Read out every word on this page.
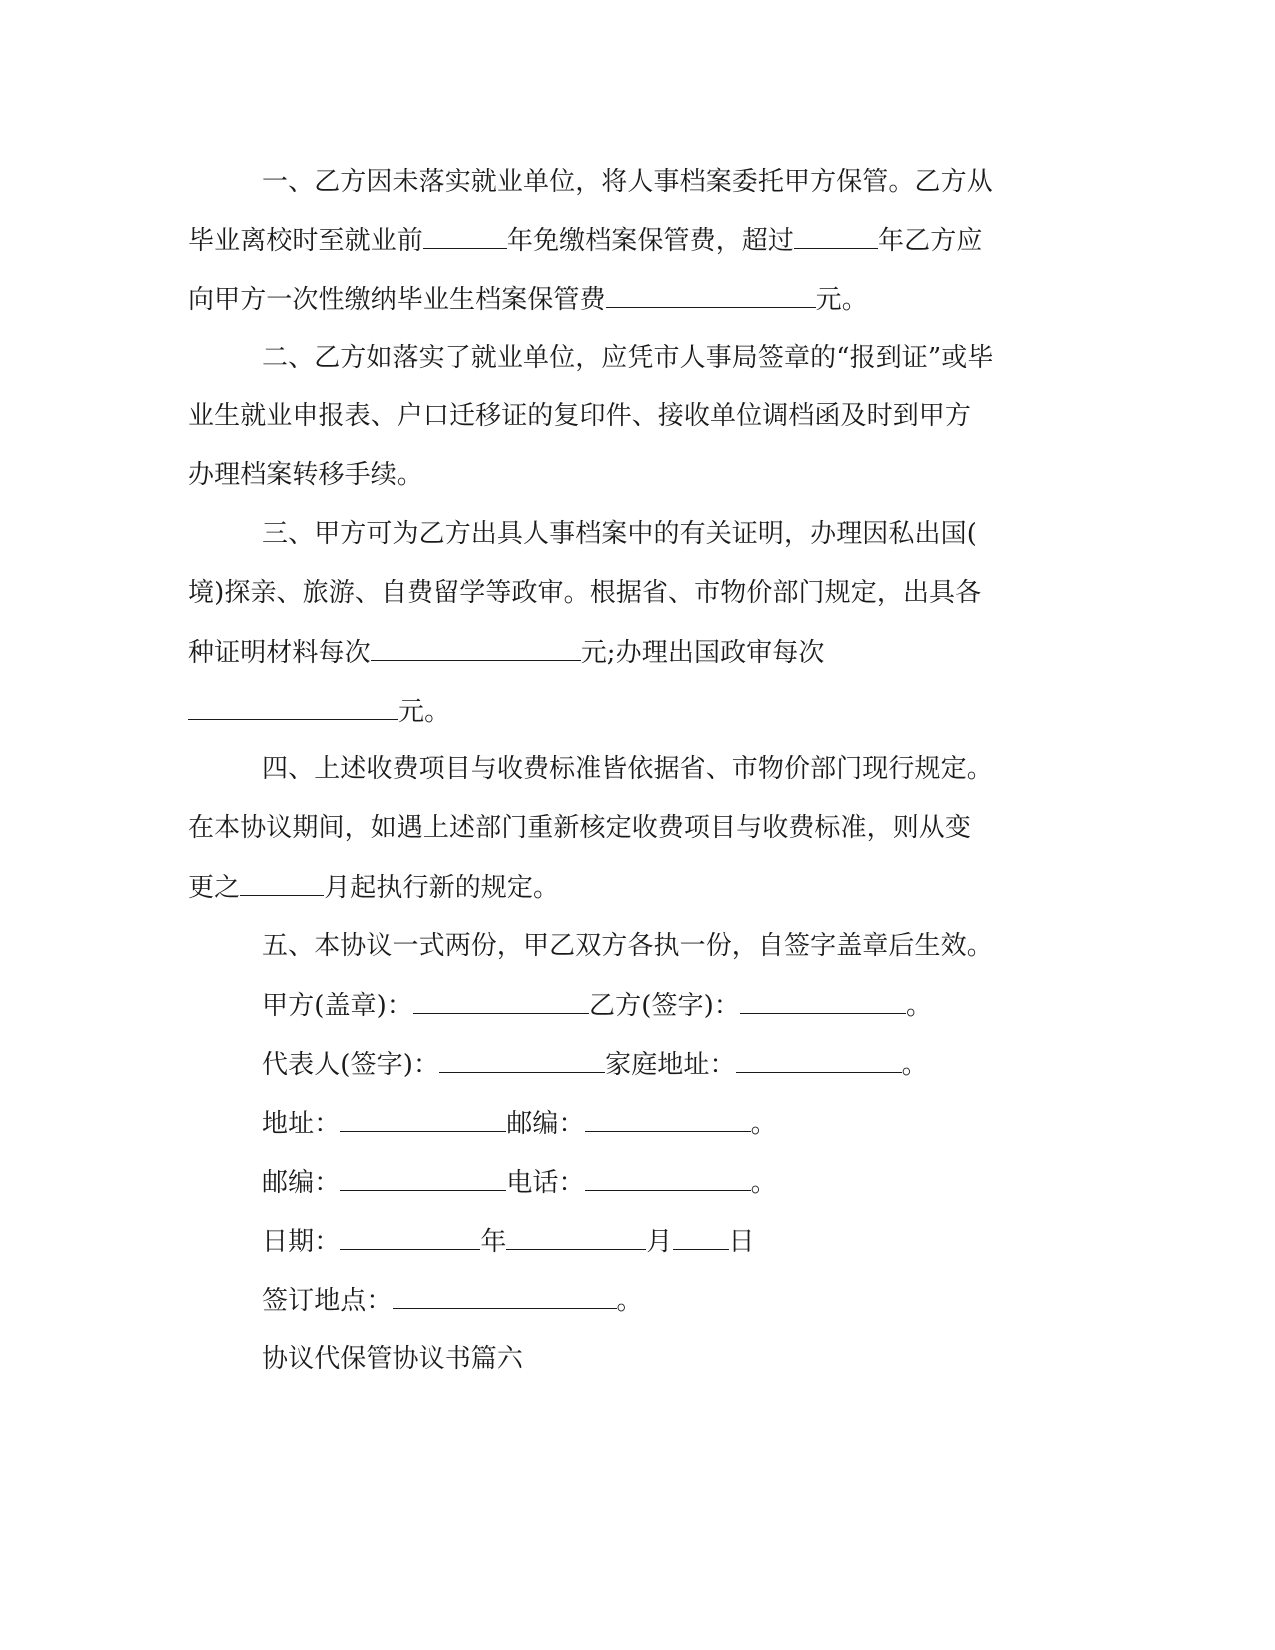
一、乙方因未落实就业单位，将人事档案委托甲方保管。乙方从
毕业离校时至就业前	年免缴档案保管费，超过	年乙方应
向甲方一次性缴纳毕业生档案保管费	元。
二、乙方如落实了就业单位，应凭市人事局签章的“报到证”或毕
业生就业申报表、户口迁移证的复印件、接收单位调档函及时到甲方
办理档案转移手续。
三、甲方可为乙方出具人事档案中的有关证明，办理因私出国(
境)探亲、旅游、自费留学等政审。根据省、市物价部门规定，出具各
种证明材料每次	元;办理出国政审每次
元。
四、上述收费项目与收费标准皆依据省、市物价部门现行规定。
在本协议期间，如遇上述部门重新核定收费项目与收费标准，则从变
更之	月起执行新的规定。
五、本协议一式两份，甲乙双方各执一份，自签字盖章后生效。
甲方(盖章)：	乙方(签字)：	。
代表人(签字)：	家庭地址：	。
地址：	邮编：	。
邮编：	电话：	。
日期：	年	月 日
签订地点：	。
协议代保管协议书篇六
